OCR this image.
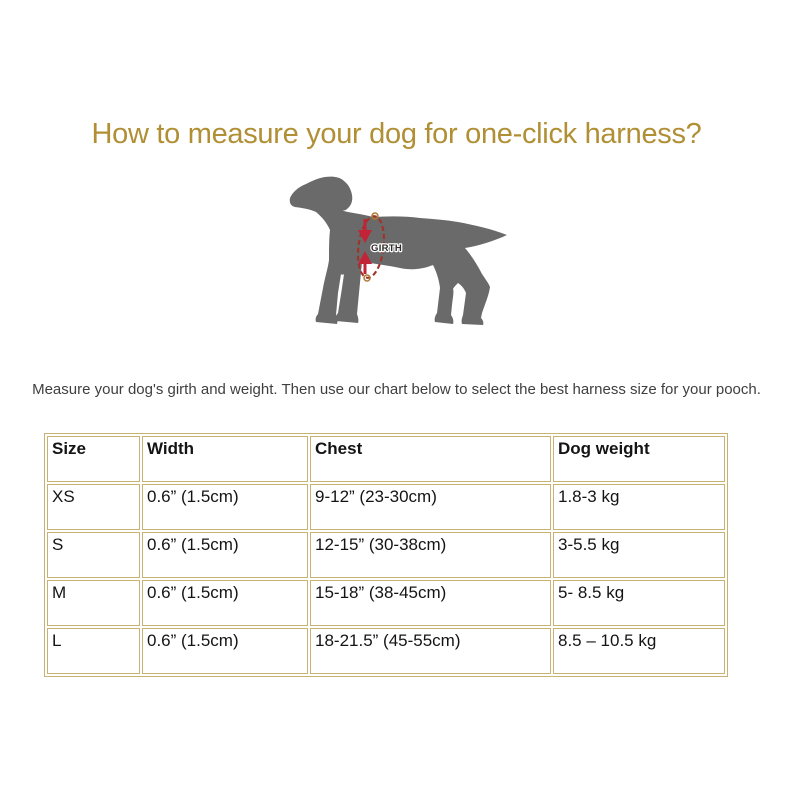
How to measure your dog for one-click harness?
GIRTH

Measure your dog's girth and weight. Then use our chart below to select the best harness size for your pooch.

Size	Width	Chest	Dog weight
XS	0.6” (1.5cm)	9-12” (23-30cm)	1.8-3 kg
S	0.6” (1.5cm)	12-15” (30-38cm)	3-5.5 kg
M	0.6” (1.5cm)	15-18” (38-45cm)	5- 8.5 kg
L	0.6” (1.5cm)	18-21.5” (45-55cm)	8.5 – 10.5 kg
